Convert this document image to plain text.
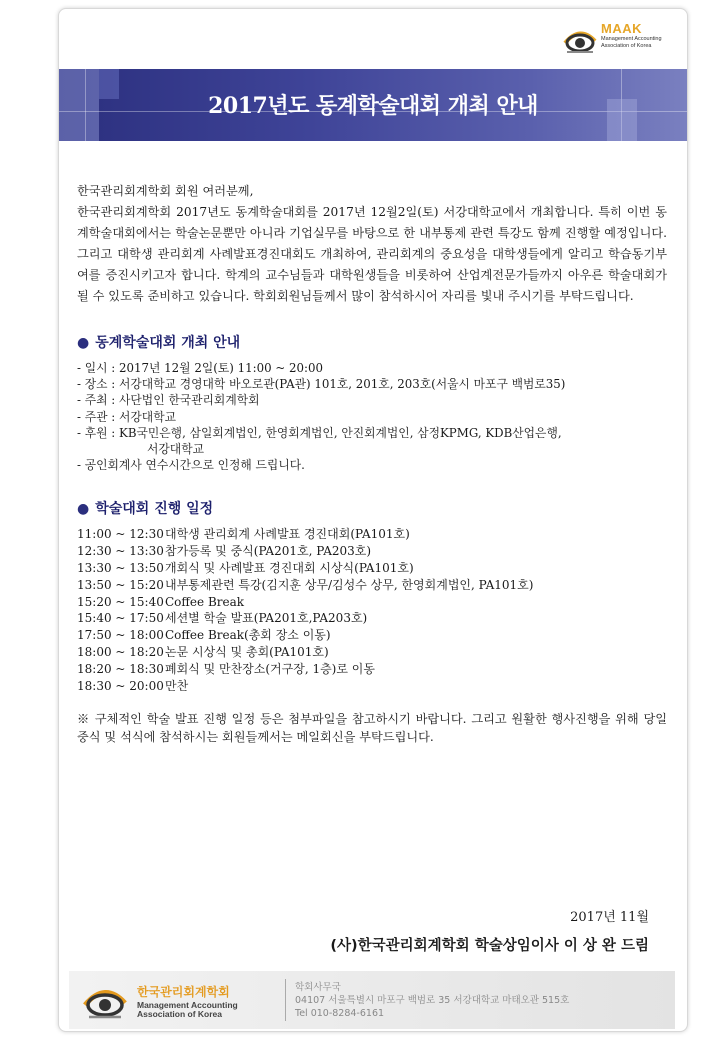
MAAK
Management Accounting Association of Korea
2017년도 동계학술대회 개최 안내

한국관리회계학회 회원 여러분께,

한국관리회계학회 2017년도 동계학술대회를 2017년 12월2일(토) 서강대학교에서 개최합니다. 특히 이번 동계학술대회에서는 학술논문뿐만 아니라 기업실무를 바탕으로 한 내부통제 관련 특강도 함께 진행할 예정입니다. 그리고 대학생 관리회계 사례발표경진대회도 개최하여, 관리회계의 중요성을 대학생들에게 알리고 학습동기부여를 증진시키고자 합니다. 학계의 교수님들과 대학원생들을 비롯하여 산업계전문가들까지 아우른 학술대회가 될 수 있도록 준비하고 있습니다. 학회회원님들께서 많이 참석하시어 자리를 빛내 주시기를 부탁드립니다.

● 동계학술대회 개최 안내
- 일시 : 2017년 12월 2일(토) 11:00 ~ 20:00
- 장소 : 서강대학교 경영대학 바오로관(PA관) 101호, 201호, 203호(서울시 마포구 백범로35)
- 주최 : 사단법인 한국관리회계학회
- 주관 : 서강대학교
- 후원 : KB국민은행, 삼일회계법인, 한영회계법인, 안진회계법인, 삼정KPMG, KDB산업은행,
서강대학교
- 공인회계사 연수시간으로 인정해 드립니다.
● 학술대회 진행 일정
11:00 ~ 12:30대학생 관리회계 사례발표 경진대회(PA101호)
12:30 ~ 13:30참가등록 및 중식(PA201호, PA203호)
13:30 ~ 13:50개회식 및 사례발표 경진대회 시상식(PA101호)
13:50 ~ 15:20내부통제관련 특강(김지훈 상무/김성수 상무, 한영회계법인, PA101호)
15:20 ~ 15:40Coffee Break
15:40 ~ 17:50세션별 학술 발표(PA201호,PA203호)
17:50 ~ 18:00Coffee Break(총회 장소 이동)
18:00 ~ 18:20논문 시상식 및 총회(PA101호)
18:20 ~ 18:30폐회식 및 만찬장소(거구장, 1층)로 이동
18:30 ~ 20:00만찬

※ 구체적인 학술 발표 진행 일정 등은 첨부파일을 참고하시기 바랍니다. 그리고 원활한 행사진행을 위해 당일 중식 및 석식에 참석하시는 회원들께서는 메일회신을 부탁드립니다.

2017년 11월
(사)한국관리회계학회 학술상임이사 이 상 완 드림
한국관리회계학회
Management Accounting
Association of Korea
학회사무국
04107 서울특별시 마포구 백범로 35 서강대학교 마태오관 515호
Tel 010-8284-6161
